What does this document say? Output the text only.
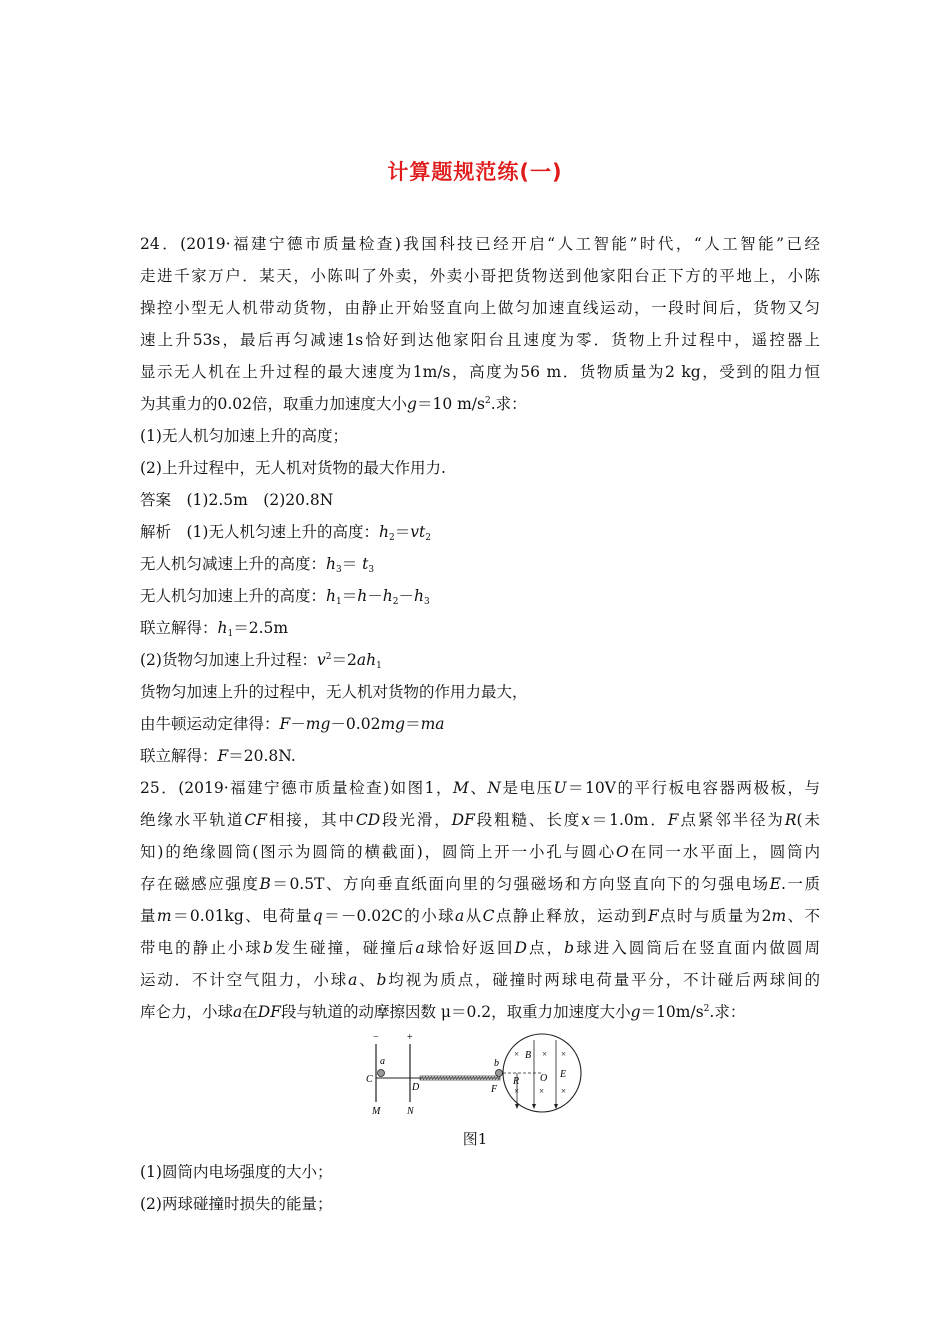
计算题规范练(一)
24．(2019·福建宁德市质量检查)我国科技已经开启“人工智能”时代，“人工智能”已经
走进千家万户．某天，小陈叫了外卖，外卖小哥把货物送到他家阳台正下方的平地上，小陈
操控小型无人机带动货物，由静止开始竖直向上做匀加速直线运动，一段时间后，货物又匀
速上升53s，最后再匀减速1s恰好到达他家阳台且速度为零．货物上升过程中，遥控器上
显示无人机在上升过程的最大速度为1m/s，高度为56 m．货物质量为2 kg，受到的阻力恒
为其重力的0.02倍，取重力加速度大小g＝10 $m/s^2$.求：
(1)无人机匀加速上升的高度；
(2)上升过程中，无人机对货物的最大作用力.
答案　(1)2.5m　(2)20.8N
解析　(1)无人机匀速上升的高度：$h_2=vt_2$
无人机匀减速上升的高度：$h_3= t_3$
无人机匀加速上升的高度：$h_1=h-h_2-h_3$
联立解得：$h_1=2.5m$
(2)货物匀加速上升过程：$v^2=2ah_1$
货物匀加速上升的过程中，无人机对货物的作用力最大，
由牛顿运动定律得：F－mg－0.02mg＝ma
联立解得：F＝20.8N.
25．(2019·福建宁德市质量检查)如图1，M、N是电压U＝10V的平行板电容器两极板，与
绝缘水平轨道CF相接，其中CD段光滑，DF段粗糙、长度x＝1.0m．F点紧邻半径为R(未
知)的绝缘圆筒(图示为圆筒的横截面)，圆筒上开一小孔与圆心O在同一水平面上，圆筒内
存在磁感应强度B＝0.5T、方向垂直纸面向里的匀强磁场和方向竖直向下的匀强电场E.一质
量m＝0.01kg、电荷量q＝－0.02C的小球a从C点静止释放，运动到F点时与质量为2m、不
带电的静止小球b发生碰撞，碰撞后a球恰好返回D点，b球进入圆筒后在竖直面内做圆周
运动．不计空气阻力，小球a、b均视为质点，碰撞时两球电荷量平分，不计碰后两球间的
库仑力，小球a在DF段与轨道的动摩擦因数 μ＝0.2，取重力加速度大小$g=10m/s^2$.求：
−	+
M	N
a
C
D
b
F
B
R O E
×	× ×
× × ×
图1
(1)圆筒内电场强度的大小；
(2)两球碰撞时损失的能量；
